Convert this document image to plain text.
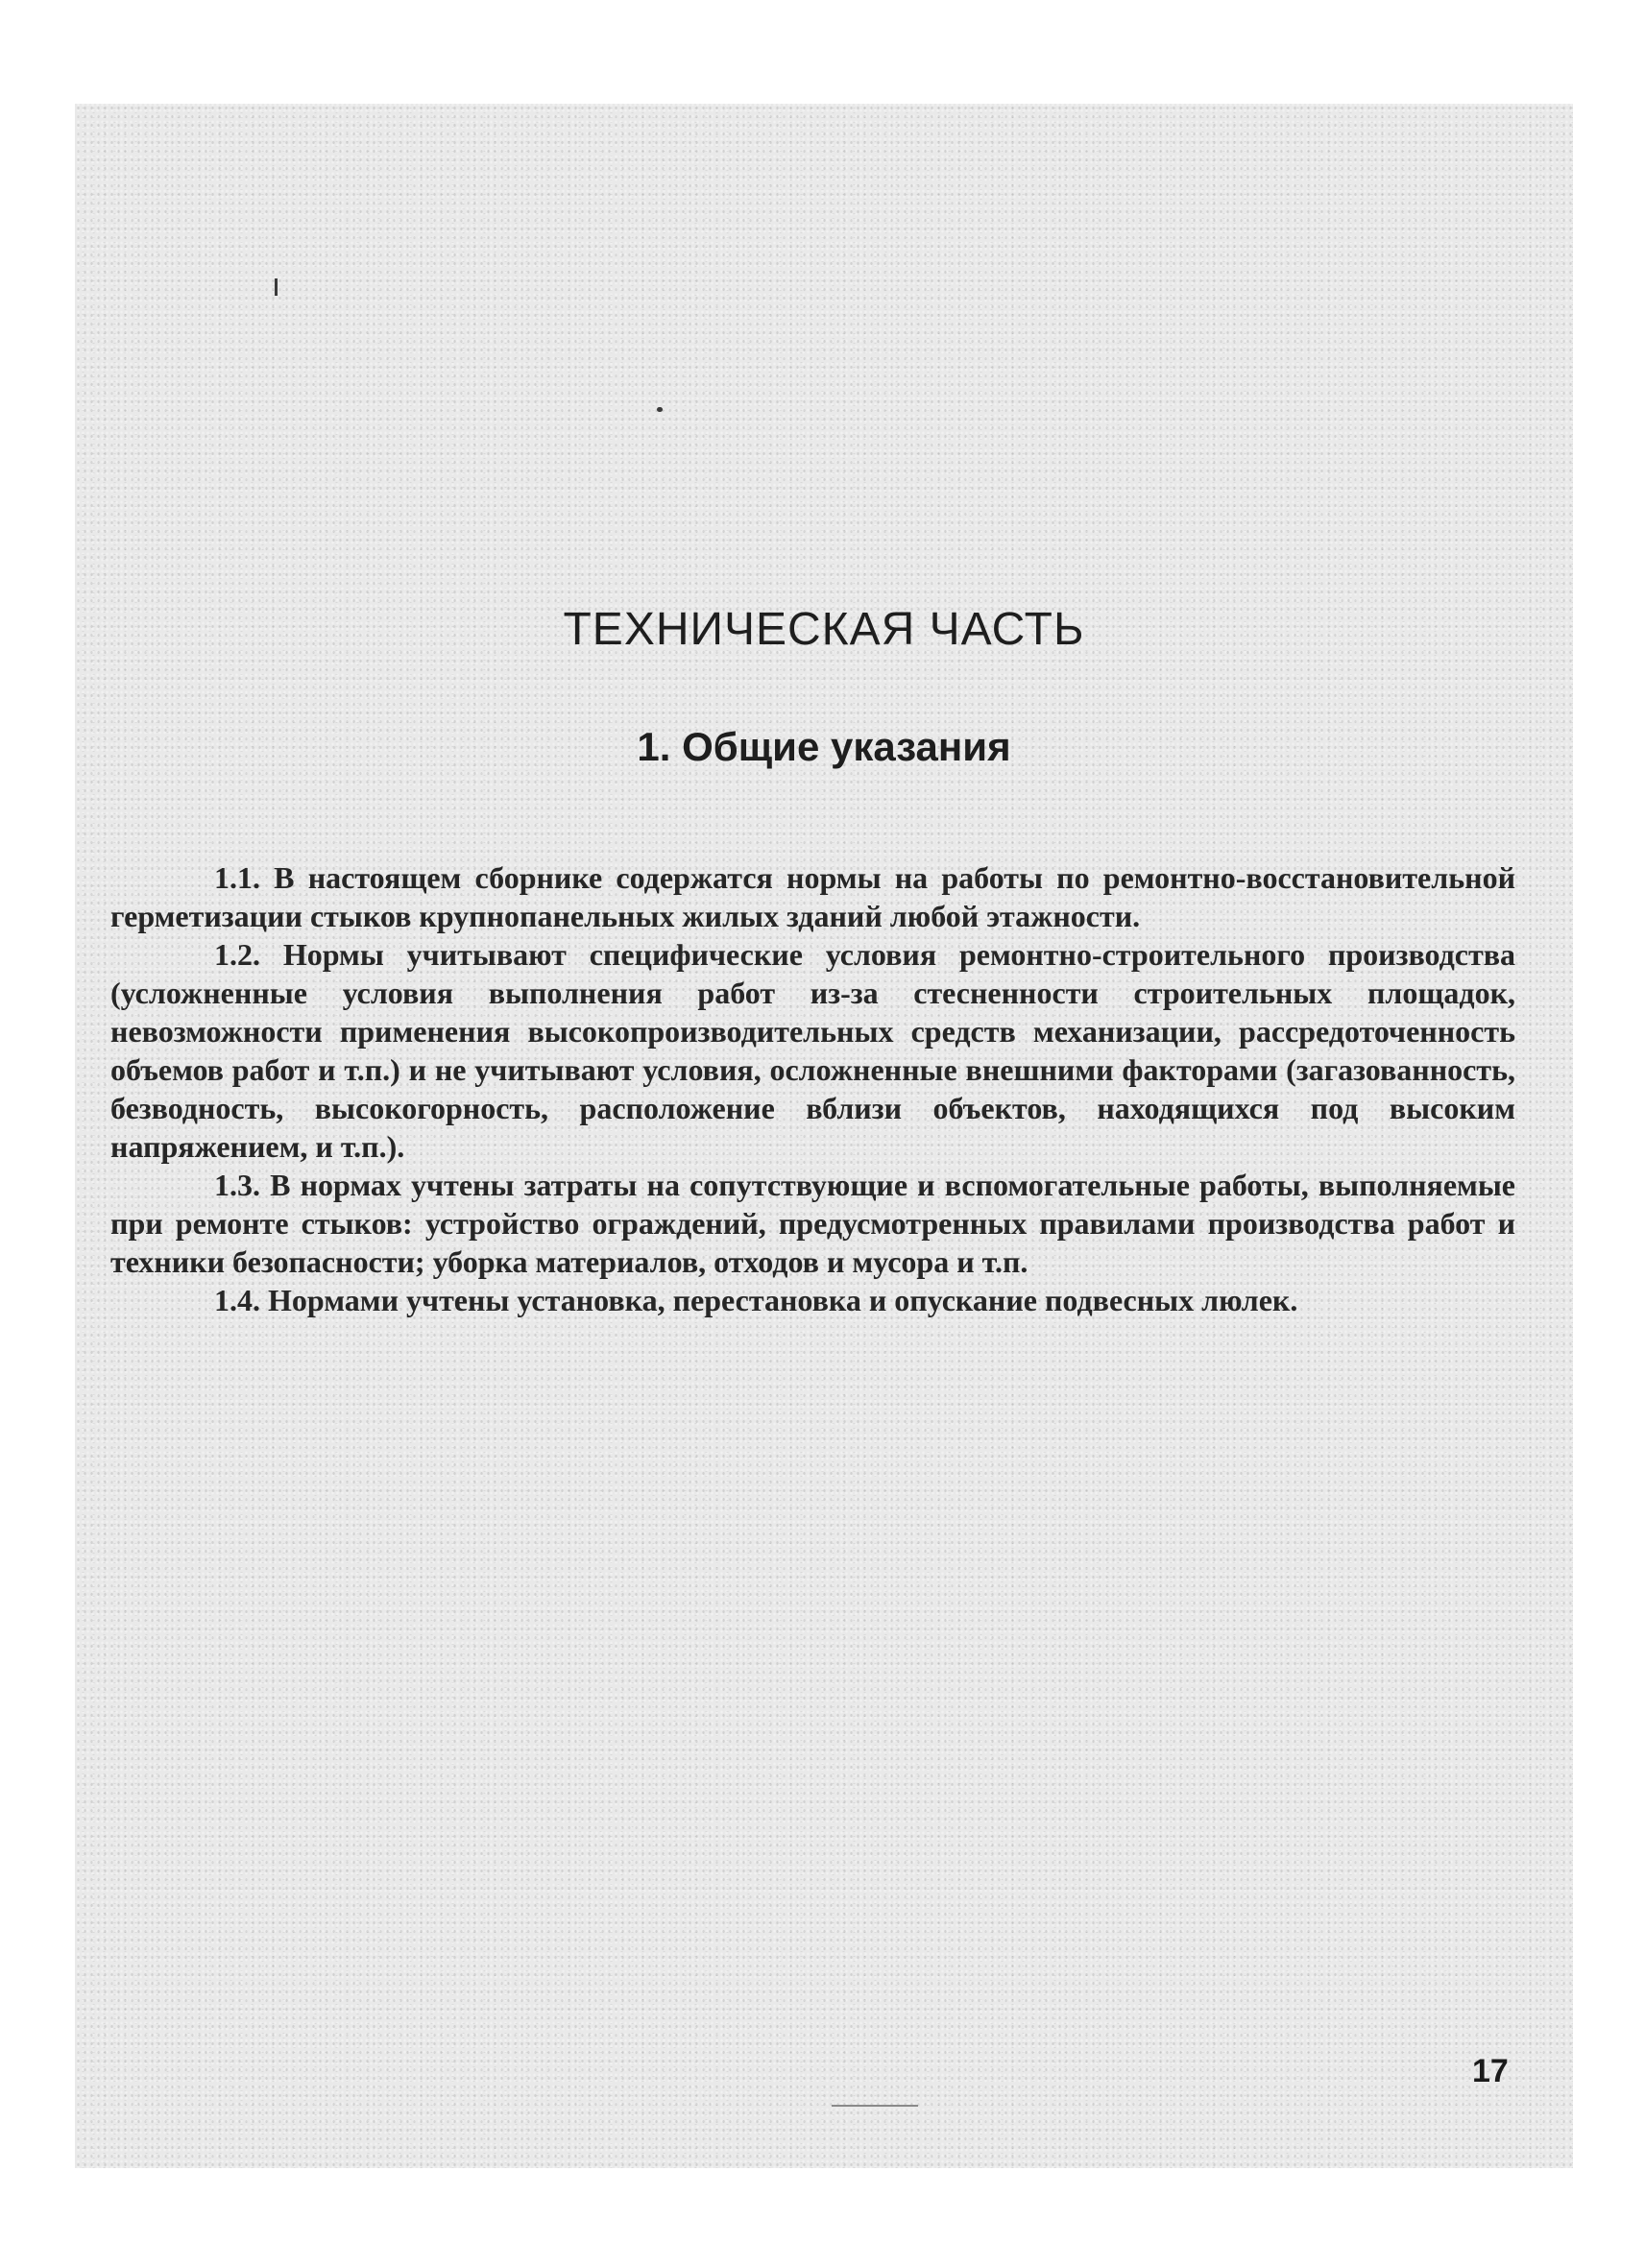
ТЕХНИЧЕСКАЯ ЧАСТЬ
1. Общие указания

1.1. В настоящем сборнике содержатся нормы на работы по ремонтно-восстановительной герметизации стыков крупнопанельных жилых зданий любой этажности.

1.2. Нормы учитывают специфические условия ремонтно-строительного производства (усложненные условия выполнения работ из-за стесненности строительных площадок, невозможности применения высокопроизводительных средств механизации, рассредоточенность объемов работ и т.п.) и не учитывают условия, осложненные внешними факторами (загазованность, безводность, высокогорность, расположение вблизи объектов, находящихся под высоким напряжением, и т.п.).

1.3. В нормах учтены затраты на сопутствующие и вспомогательные работы, выполняемые при ремонте стыков: устройство ограждений, предусмотренных правилами производства работ и техники безопасности; уборка материалов, отходов и мусора и т.п.

1.4. Нормами учтены установка, перестановка и опускание подвесных люлек.

17
